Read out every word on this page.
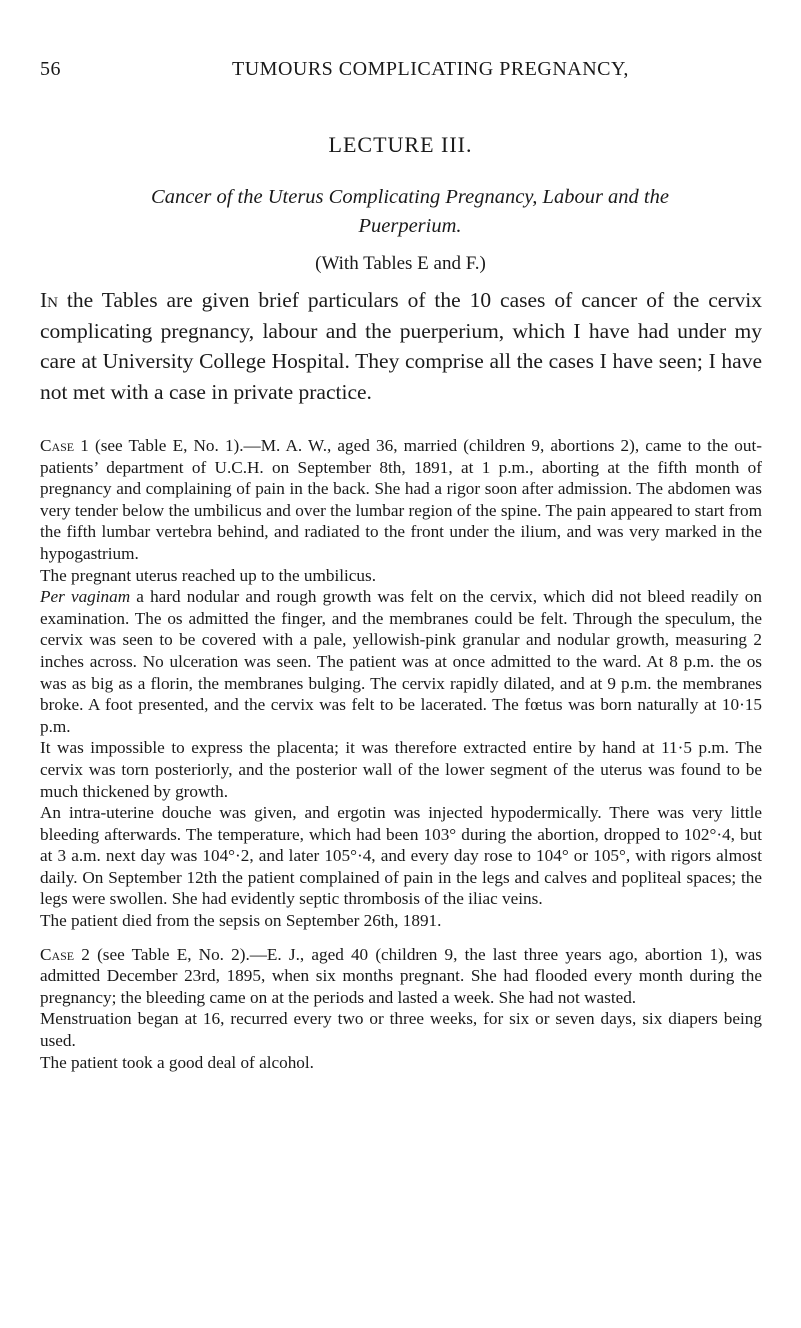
56	TUMOURS COMPLICATING PREGNANCY,
LECTURE III.
Cancer of the Uterus Complicating Pregnancy, Labour and the
Puerperium.
(With Tables E and F.)

In the Tables are given brief particulars of the 10 cases of cancer of the cervix complicating pregnancy, labour and the puerperium, which I have had under my care at University College Hospital. They comprise all the cases I have seen; I have not met with a case in private practice.

Case 1 (see Table E, No. 1).—M. A. W., aged 36, married (children 9, abortions 2), came to the out-patients’ department of U.C.H. on September 8th, 1891, at 1 p.m., aborting at the fifth month of pregnancy and complaining of pain in the back. She had a rigor soon after admission. The abdomen was very tender below the umbilicus and over the lumbar region of the spine. The pain appeared to start from the fifth lumbar vertebra behind, and radiated to the front under the ilium, and was very marked in the hypogastrium.

The pregnant uterus reached up to the umbilicus.

Per vaginam a hard nodular and rough growth was felt on the cervix, which did not bleed readily on examination. The os admitted the finger, and the membranes could be felt. Through the speculum, the cervix was seen to be covered with a pale, yellowish-pink granular and nodular growth, measuring 2 inches across. No ulceration was seen. The patient was at once admitted to the ward. At 8 p.m. the os was as big as a florin, the membranes bulging. The cervix rapidly dilated, and at 9 p.m. the membranes broke. A foot presented, and the cervix was felt to be lacerated. The fœtus was born naturally at 10·15 p.m.

It was impossible to express the placenta; it was therefore extracted entire by hand at 11·5 p.m. The cervix was torn posteriorly, and the posterior wall of the lower segment of the uterus was found to be much thickened by growth.

An intra-uterine douche was given, and ergotin was injected hypodermically. There was very little bleeding afterwards. The temperature, which had been 103° during the abortion, dropped to 102°·4, but at 3 a.m. next day was 104°·2, and later 105°·4, and every day rose to 104° or 105°, with rigors almost daily. On September 12th the patient complained of pain in the legs and calves and popliteal spaces; the legs were swollen. She had evidently septic thrombosis of the iliac veins.

The patient died from the sepsis on September 26th, 1891.

Case 2 (see Table E, No. 2).—E. J., aged 40 (children 9, the last three years ago, abortion 1), was admitted December 23rd, 1895, when six months pregnant. She had flooded every month during the pregnancy; the bleeding came on at the periods and lasted a week. She had not wasted.

Menstruation began at 16, recurred every two or three weeks, for six or seven days, six diapers being used.

The patient took a good deal of alcohol.
